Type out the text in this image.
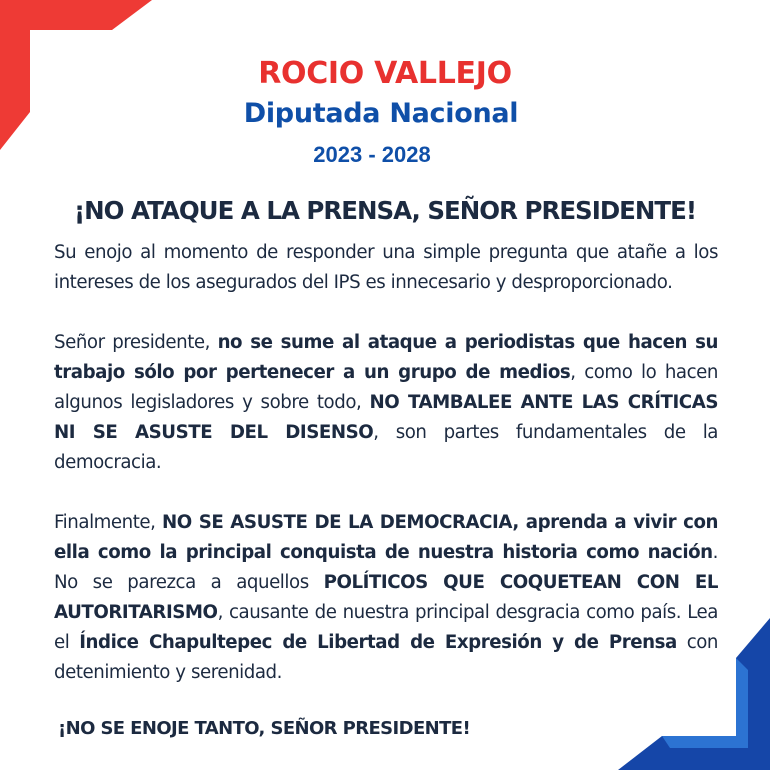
ROCIO VALLEJO
Diputada Nacional
2023 - 2028
¡NO ATAQUE A LA PRENSA, SEÑOR PRESIDENTE!

Su enojo al momento de responder una simple pregunta que atañe a los intereses de los asegurados del IPS es innecesario y desproporcionado.

Señor presidente, no se sume al ataque a periodistas que hacen su trabajo sólo por pertenecer a un grupo de medios, como lo hacen algunos legisladores y sobre todo, NO TAMBALEE ANTE LAS CRÍTICAS NI SE ASUSTE DEL DISENSO, son partes fundamentales de la democracia.

Finalmente, NO SE ASUSTE DE LA DEMOCRACIA, aprenda a vivir con ella como la principal conquista de nuestra historia como nación. No se parezca a aquellos POLÍTICOS QUE COQUETEAN CON EL AUTORITARISMO, causante de nuestra principal desgracia como país. Lea el Índice Chapultepec de Libertad de Expresión y de Prensa con detenimiento y serenidad.

¡NO SE ENOJE TANTO, SEÑOR PRESIDENTE!
